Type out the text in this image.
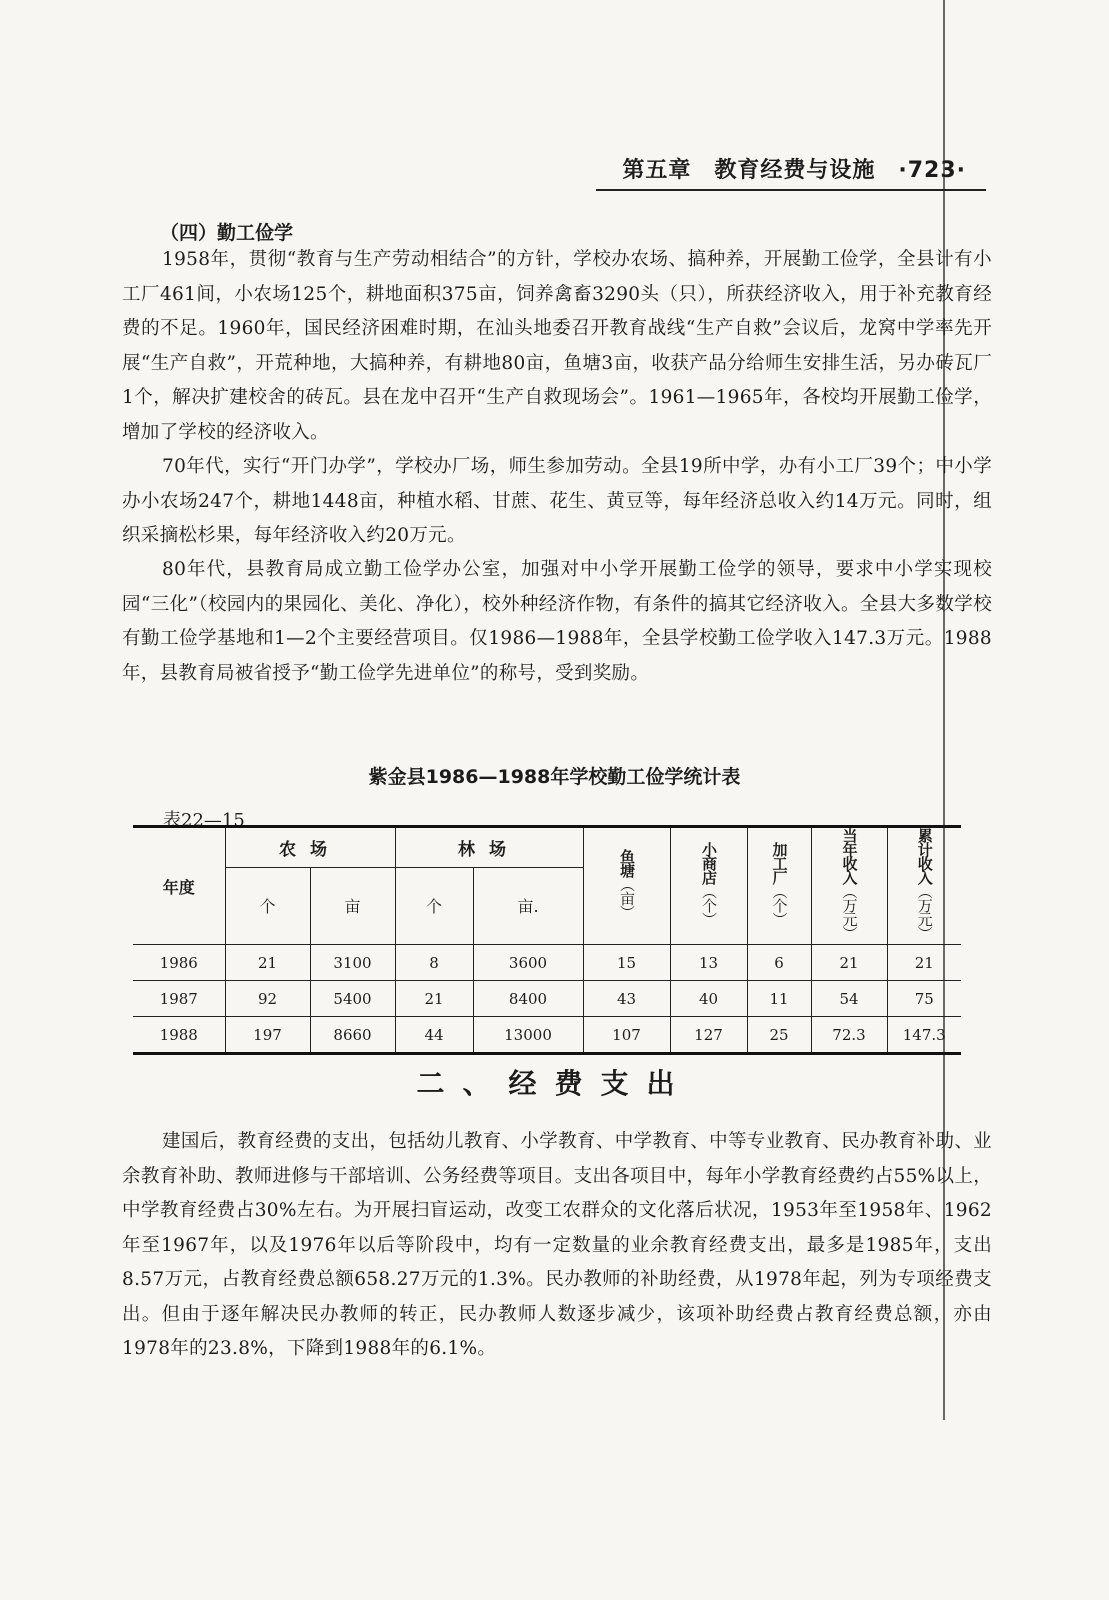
第五章　教育经费与设施　·723·
（四）勤工俭学
1958年，贯彻“教育与生产劳动相结合”的方针，学校办农场、搞种养，开展勤工俭学，全县计有小工厂461间，小农场125个，耕地面积375亩，饲养禽畜3290头（只），所获经济收入，用于补充教育经费的不足。1960年，国民经济困难时期，在汕头地委召开教育战线“生产自救”会议后，龙窝中学率先开展“生产自救”，开荒种地，大搞种养，有耕地80亩，鱼塘3亩，收获产品分给师生安排生活，另办砖瓦厂1个，解决扩建校舍的砖瓦。县在龙中召开“生产自救现场会”。1961—1965年，各校均开展勤工俭学，增加了学校的经济收入。
70年代，实行“开门办学”，学校办厂场，师生参加劳动。全县19所中学，办有小工厂39个；中小学办小农场247个，耕地1448亩，种植水稻、甘蔗、花生、黄豆等，每年经济总收入约14万元。同时，组织采摘松杉果，每年经济收入约20万元。
80年代，县教育局成立勤工俭学办公室，加强对中小学开展勤工俭学的领导，要求中小学实现校园“三化”（校园内的果园化、美化、净化），校外种经济作物，有条件的搞其它经济收入。全县大多数学校有勤工俭学基地和1—2个主要经营项目。仅1986—1988年，全县学校勤工俭学收入147.3万元。1988年，县教育局被省授予“勤工俭学先进单位”的称号，受到奖励。
紫金县1986—1988年学校勤工俭学统计表
表22—15
年度	农场		林场		鱼塘（亩）	小商店（个）	加工厂（个）	当年收入（万元）	累计收入（万元）
	个	亩	个	亩.					
1986	21	3100	8	3600	15	13	6	21	21
1987	92	5400	21	8400	43	40	11	54	75
1988	197	8660	44	13000	107	127	25	72.3	147.3
二、经费支出
建国后，教育经费的支出，包括幼儿教育、小学教育、中学教育、中等专业教育、民办教育补助、业余教育补助、教师进修与干部培训、公务经费等项目。支出各项目中，每年小学教育经费约占55%以上，中学教育经费占30%左右。为开展扫盲运动，改变工农群众的文化落后状况，1953年至1958年、1962年至1967年，以及1976年以后等阶段中，均有一定数量的业余教育经费支出，最多是1985年，支出8.57万元，占教育经费总额658.27万元的1.3%。民办教师的补助经费，从1978年起，列为专项经费支出。但由于逐年解决民办教师的转正，民办教师人数逐步减少，该项补助经费占教育经费总额，亦由1978年的23.8%，下降到1988年的6.1%。
